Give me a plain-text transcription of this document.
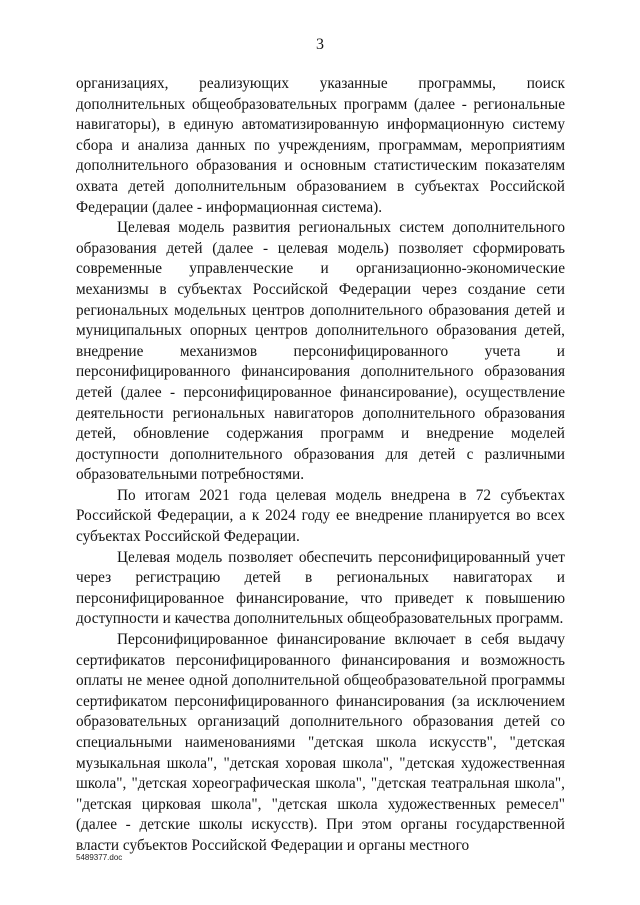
3

организациях, реализующих указанные программы, поиск дополнительных общеобразовательных программ (далее - региональные навигаторы), в единую автоматизированную информационную систему сбора и анализа данных по учреждениям, программам, мероприятиям дополнительного образования и основным статистическим показателям охвата детей дополнительным образованием в субъектах Российской Федерации (далее - информационная система).

Целевая модель развития региональных систем дополнительного образования детей (далее - целевая модель) позволяет сформировать современные управленческие и организационно-экономические механизмы в субъектах Российской Федерации через создание сети региональных модельных центров дополнительного образования детей и муниципальных опорных центров дополнительного образования детей, внедрение механизмов персонифицированного учета и персонифицированного финансирования дополнительного образования детей (далее - персонифицированное финансирование), осуществление деятельности региональных навигаторов дополнительного образования детей, обновление содержания программ и внедрение моделей доступности дополнительного образования для детей с различными образовательными потребностями.

По итогам 2021 года целевая модель внедрена в 72 субъектах Российской Федерации, а к 2024 году ее внедрение планируется во всех субъектах Российской Федерации.

Целевая модель позволяет обеспечить персонифицированный учет через регистрацию детей в региональных навигаторах и персонифицированное финансирование, что приведет к повышению доступности и качества дополнительных общеобразовательных программ.

Персонифицированное финансирование включает в себя выдачу сертификатов персонифицированного финансирования и возможность оплаты не менее одной дополнительной общеобразовательной программы сертификатом персонифицированного финансирования (за исключением образовательных организаций дополнительного образования детей со специальными наименованиями "детская школа искусств", "детская музыкальная школа", "детская хоровая школа", "детская художественная школа", "детская хореографическая школа", "детская театральная школа", "детская цирковая школа", "детская школа художественных ремесел" (далее - детские школы искусств). При этом органы государственной власти субъектов Российской Федерации и органы местного

5489377.doc
